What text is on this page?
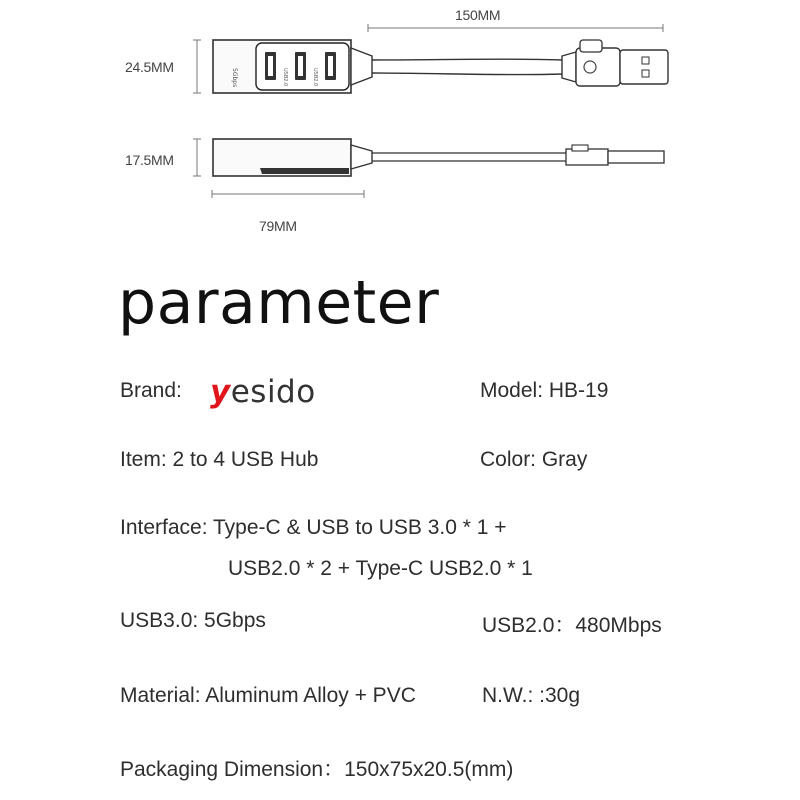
5Gbps	USB2.0	USB2.0
150MM
24.5MM
17.5MM
79MM
parameter
Brand: yesido	Model: HB-19
Item: 2 to 4 USB Hub	Color: Gray
Interface: Type-C & USB to USB 3.0 * 1 +
USB2.0 * 2 + Type-C USB2.0 * 1
USB3.0: 5Gbps	USB2.0：480Mbps
Material: Aluminum Alloy + PVC	N.W.: :30g
Packaging Dimension：150x75x20.5(mm)
